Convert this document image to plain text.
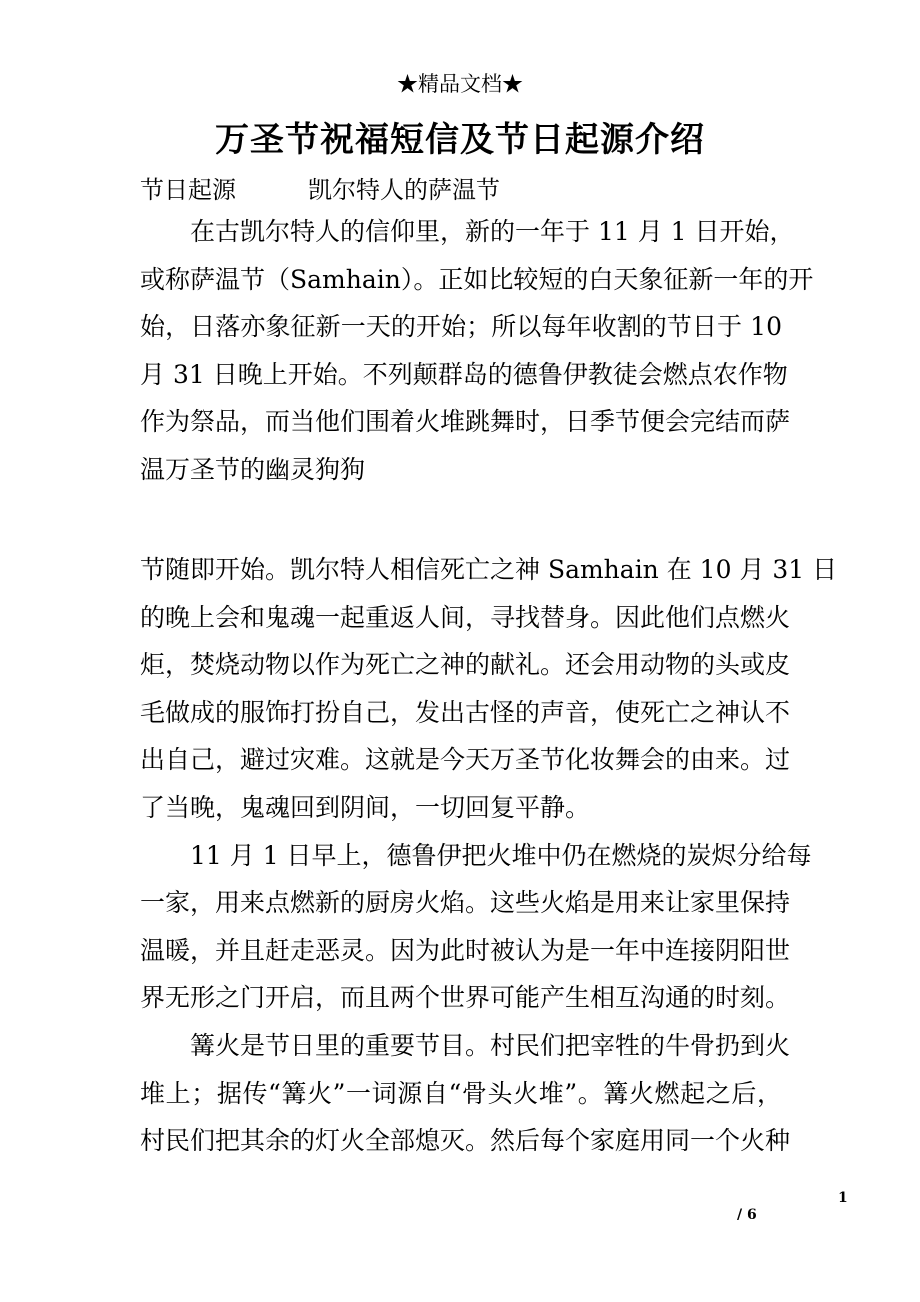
★精品文档★
万圣节祝福短信及节日起源介绍
节日起源　　　凯尔特人的萨温节
在古凯尔特人的信仰里，新的一年于 11 月 1 日开始，
或称萨温节（Samhain）。正如比较短的白天象征新一年的开
始，日落亦象征新一天的开始；所以每年收割的节日于 10
月 31 日晚上开始。不列颠群岛的德鲁伊教徒会燃点农作物
作为祭品，而当他们围着火堆跳舞时，日季节便会完结而萨
温万圣节的幽灵狗狗
节随即开始。凯尔特人相信死亡之神 Samhain 在 10 月 31 日
的晚上会和鬼魂一起重返人间，寻找替身。因此他们点燃火
炬，焚烧动物以作为死亡之神的献礼。还会用动物的头或皮
毛做成的服饰打扮自己，发出古怪的声音，使死亡之神认不
出自己，避过灾难。这就是今天万圣节化妆舞会的由来。过
了当晚，鬼魂回到阴间，一切回复平静。
11 月 1 日早上，德鲁伊把火堆中仍在燃烧的炭烬分给每
一家，用来点燃新的厨房火焰。这些火焰是用来让家里保持
温暖，并且赶走恶灵。因为此时被认为是一年中连接阴阳世
界无形之门开启，而且两个世界可能产生相互沟通的时刻。
篝火是节日里的重要节目。村民们把宰牲的牛骨扔到火
堆上；据传“篝火”一词源自“骨头火堆”。篝火燃起之后，
村民们把其余的灯火全部熄灭。然后每个家庭用同一个火种
1
/ 6
